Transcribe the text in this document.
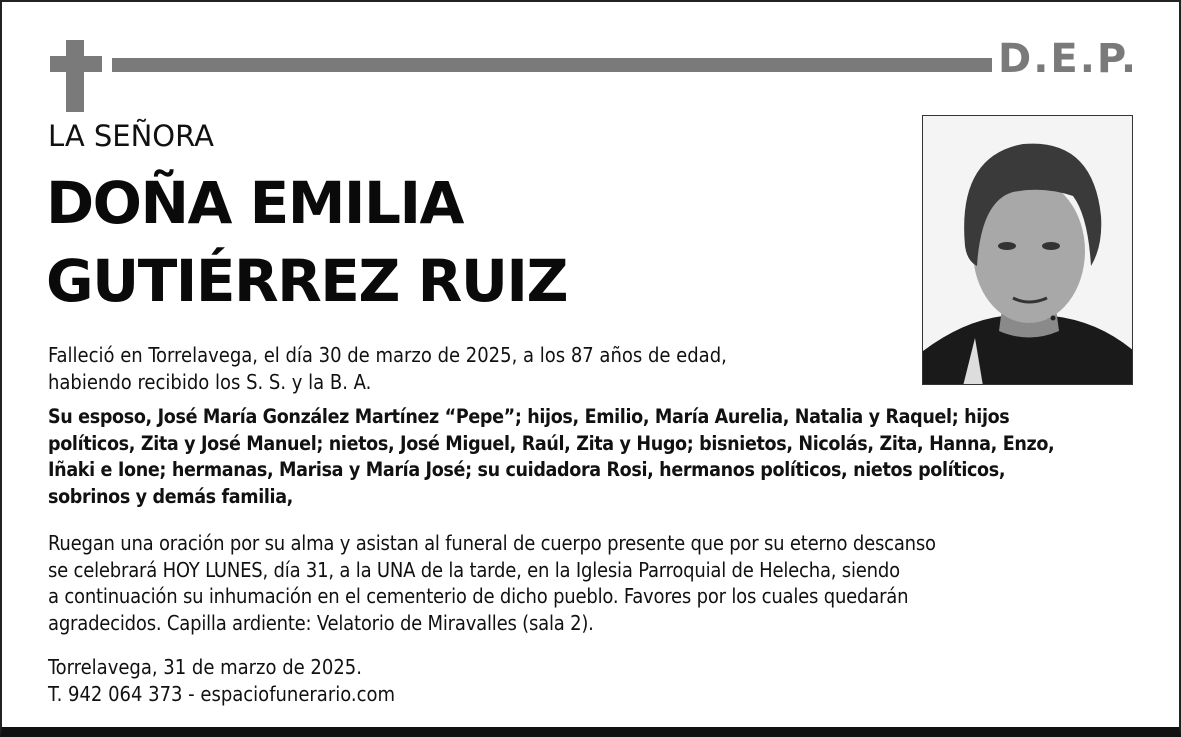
D.E.P.
LA SEÑORA
DOÑA EMILIA
GUTIÉRREZ RUIZ
Falleció en Torrelavega, el día 30 de marzo de 2025, a los 87 años de edad,
habiendo recibido los S. S. y la B. A.
Su esposo, José María González Martínez “Pepe”; hijos, Emilio, María Aurelia, Natalia y Raquel; hijos
políticos, Zita y José Manuel; nietos, José Miguel, Raúl, Zita y Hugo; bisnietos, Nicolás, Zita, Hanna, Enzo,
Iñaki e Ione; hermanas, Marisa y María José; su cuidadora Rosi, hermanos políticos, nietos políticos,
sobrinos y demás familia,
Ruegan una oración por su alma y asistan al funeral de cuerpo presente que por su eterno descanso
se celebrará HOY LUNES, día 31, a la UNA de la tarde, en la Iglesia Parroquial de Helecha, siendo
a continuación su inhumación en el cementerio de dicho pueblo. Favores por los cuales quedarán
agradecidos. Capilla ardiente: Velatorio de Miravalles (sala 2).
Torrelavega, 31 de marzo de 2025.
T. 942 064 373 - espaciofunerario.com
